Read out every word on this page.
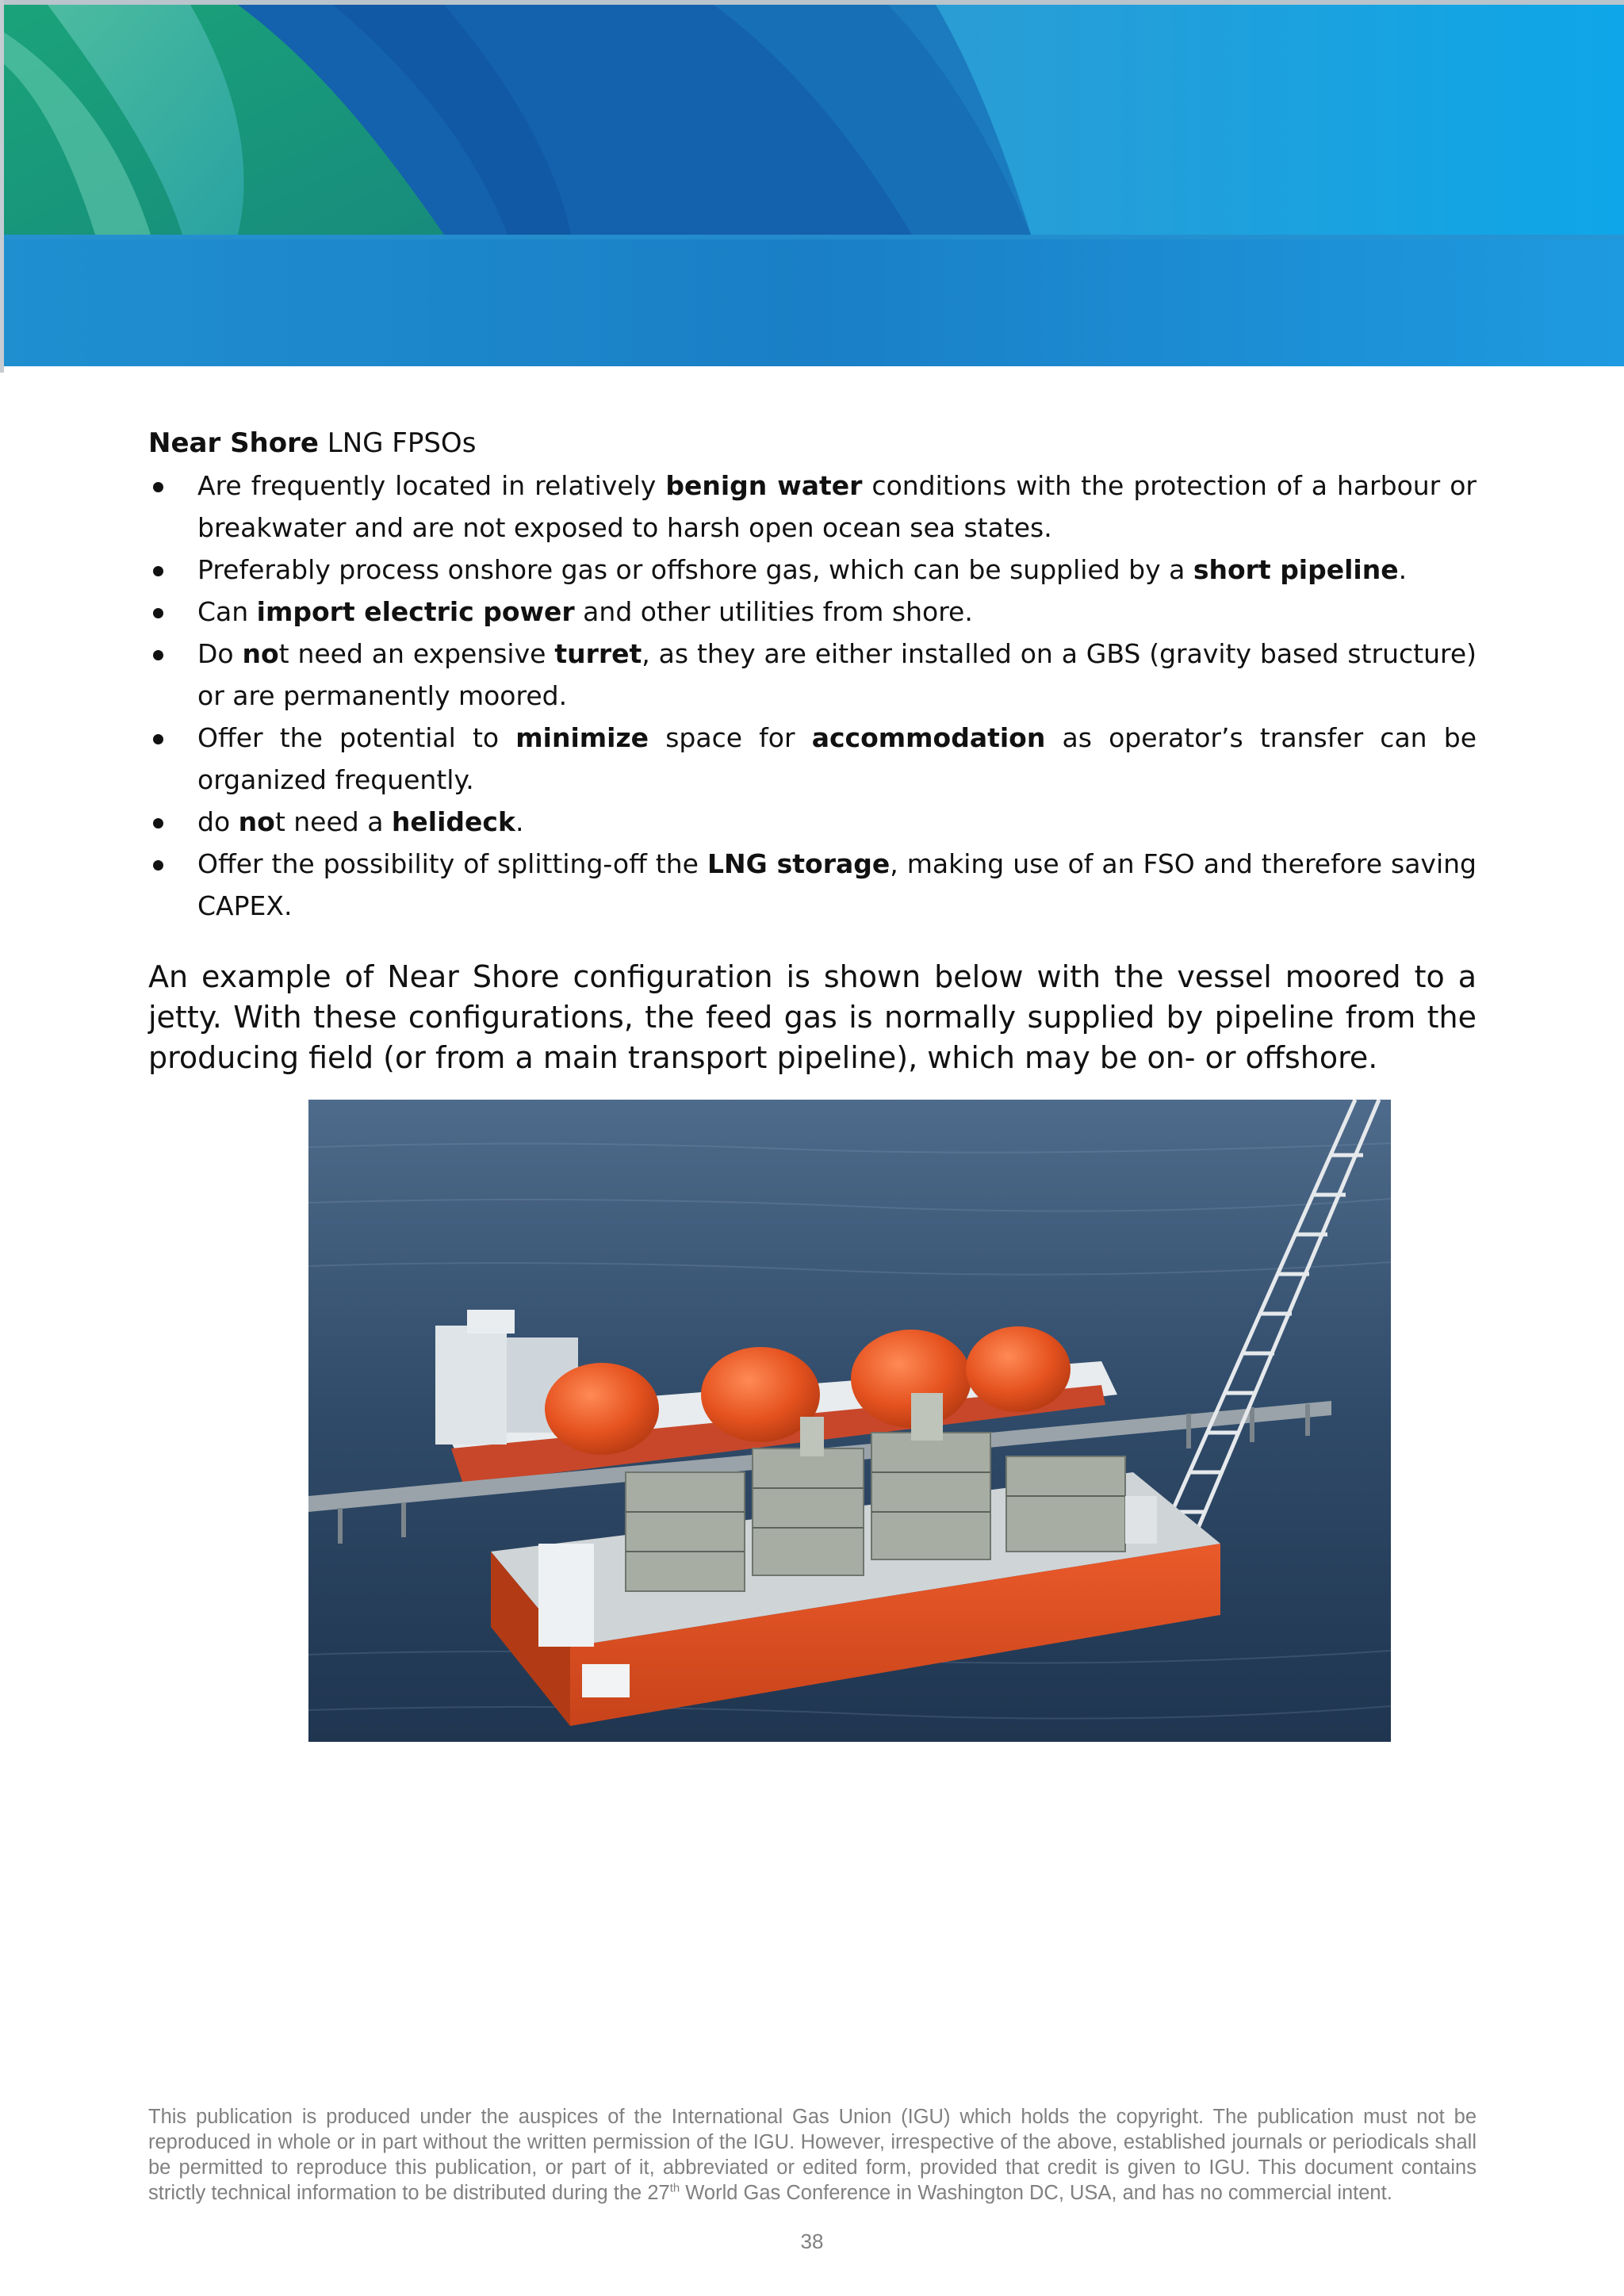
Near Shore LNG FPSOs

Are frequently located in relatively benign water conditions with the protection of a harbour or breakwater and are not exposed to harsh open ocean sea states.
Preferably process onshore gas or offshore gas, which can be supplied by a short pipeline.
Can import electric power and other utilities from shore.
Do not need an expensive turret, as they are either installed on a GBS (gravity based structure) or are permanently moored.
Offer the potential to minimize space for accommodation as operator’s transfer can be organized frequently.
do not need a helideck.
Offer the possibility of splitting-off the LNG storage, making use of an FSO and therefore saving CAPEX.

An example of Near Shore configuration is shown below with the vessel moored to a jetty. With these configurations, the feed gas is normally supplied by pipeline from the producing field (or from a main transport pipeline), which may be on- or offshore.

This publication is produced under the auspices of the International Gas Union (IGU) which holds the copyright. The publication must not be reproduced in whole or in part without the written permission of the IGU. However, irrespective of the above, established journals or periodicals shall be permitted to reproduce this publication, or part of it, abbreviated or edited form, provided that credit is given to IGU. This document contains strictly technical information to be distributed during the 27th World Gas Conference in Washington DC, USA, and has no commercial intent.
38
